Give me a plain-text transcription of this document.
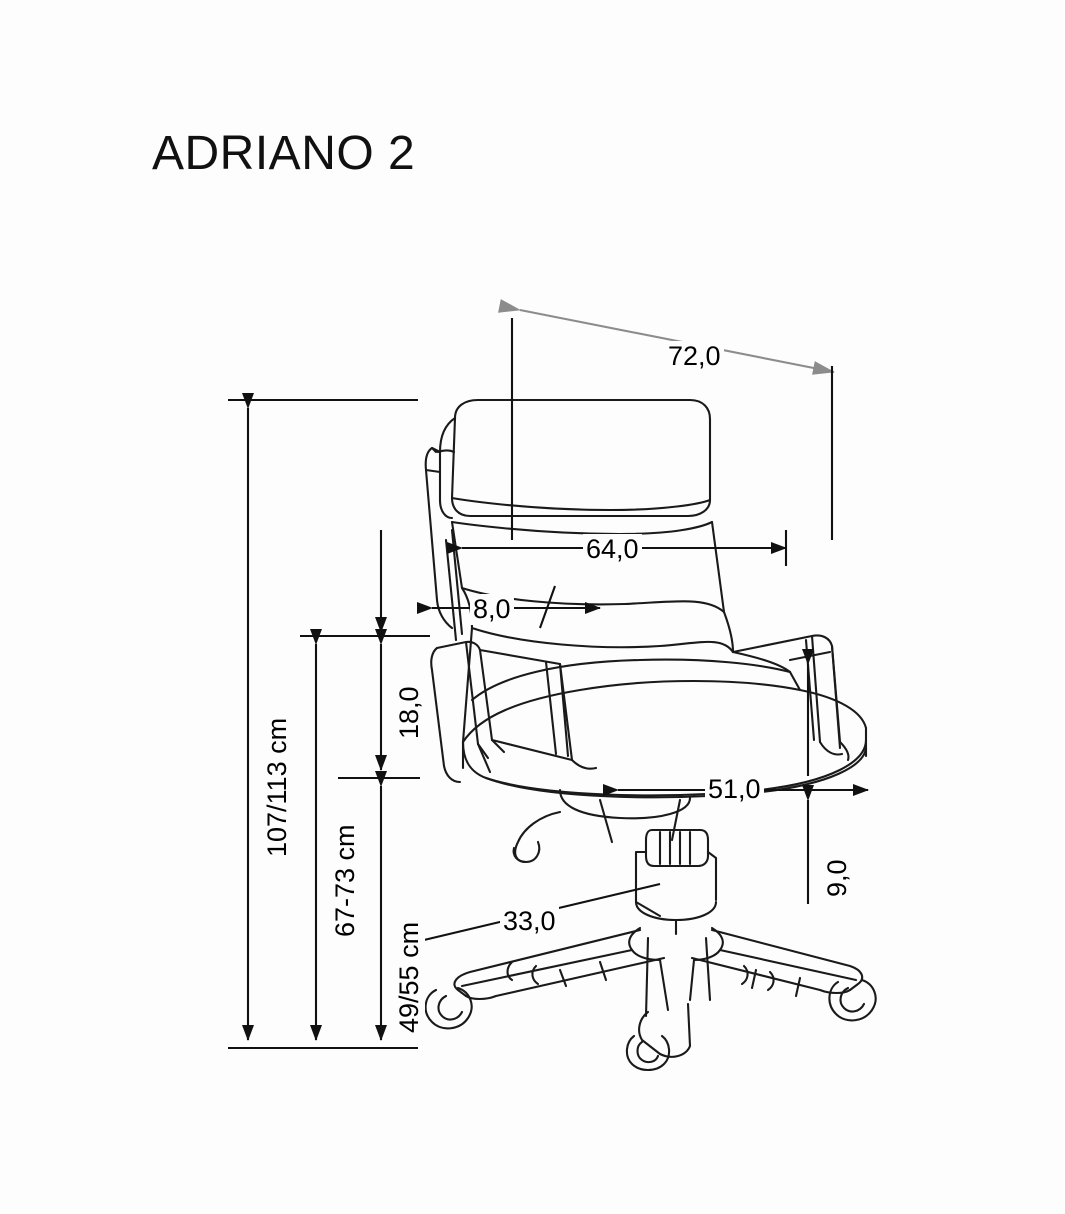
ADRIANO 2
107/113 cm
67-73 cm
49/55 cm
18,0
72,0
64,0
8,0
51,0
9,0
33,0
